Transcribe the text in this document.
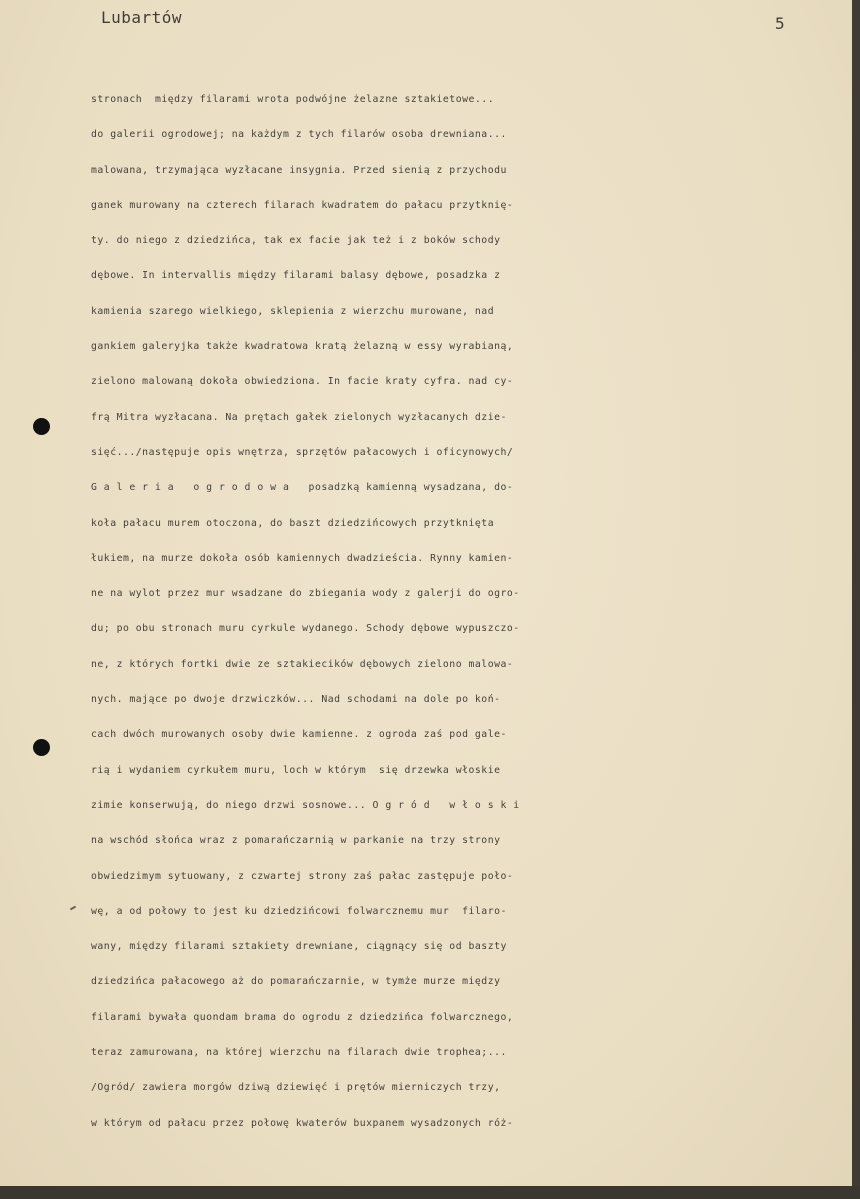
Lubartów	5
stronach  między filarami wrota podwójne żelazne sztakietowe...
do galerii ogrodowej; na każdym z tych filarów osoba drewniana...
malowana, trzymająca wyzłacane insygnia. Przed sienią z przychodu
ganek murowany na czterech filarach kwadratem do pałacu przytknię-
ty. do niego z dziedzińca, tak ex facie jak też i z boków schody
dębowe. In intervallis między filarami balasy dębowe, posadzka z
kamienia szarego wielkiego, sklepienia z wierzchu murowane, nad
gankiem galeryjka także kwadratowa kratą żelazną w essy wyrabianą,
zielono malowaną dokoła obwiedziona. In facie kraty cyfra. nad cy-
frą Mitra wyzłacana. Na prętach gałek zielonych wyzłacanych dzie-
sięć.../następuje opis wnętrza, sprzętów pałacowych i oficynowych/
G a l e r i a   o g r o d o w a   posadzką kamienną wysadzana, do-
koła pałacu murem otoczona, do baszt dziedzińcowych przytknięta
łukiem, na murze dokoła osób kamiennych dwadzieścia. Rynny kamien-
ne na wylot przez mur wsadzane do zbiegania wody z galerji do ogro-
du; po obu stronach muru cyrkule wydanego. Schody dębowe wypuszczo-
ne, z których fortki dwie ze sztakiecików dębowych zielono malowa-
nych. mające po dwoje drzwiczków... Nad schodami na dole po koń-
cach dwóch murowanych osoby dwie kamienne. z ogroda zaś pod gale-
rią i wydaniem cyrkułem muru, loch w którym  się drzewka włoskie
zimie konserwują, do niego drzwi sosnowe... O g r ó d   w ł o s k i
na wschód słońca wraz z pomarańczarnią w parkanie na trzy strony
obwiedzimym sytuowany, z czwartej strony zaś pałac zastępuje poło-
wę, a od połowy to jest ku dziedzińcowi folwarcznemu mur  filaro-
wany, między filarami sztakiety drewniane, ciągnący się od baszty
dziedzińca pałacowego aż do pomarańczarnie, w tymże murze między
filarami bywała quondam brama do ogrodu z dziedzińca folwarcznego,
teraz zamurowana, na której wierzchu na filarach dwie trophea;...
/Ogród/ zawiera morgów dziwą dziewięć i prętów mierniczych trzy,
w którym od pałacu przez połowę kwaterów buxpanem wysadzonych róż-
